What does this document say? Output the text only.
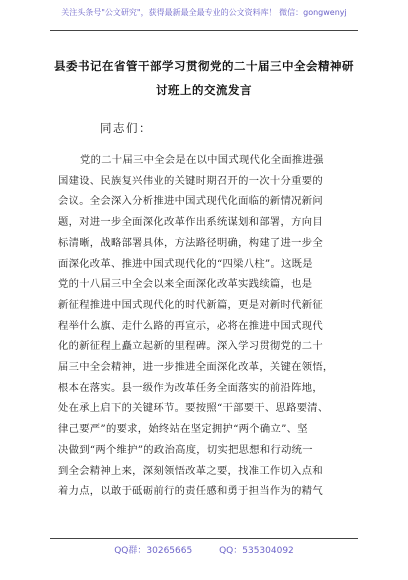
关注头条号"公文研究"，获得最新最全最专业的公文资料库！ 微信：gongwenyj
县委书记在省管干部学习贯彻党的二十届三中全会精神研
讨班上的交流发言
同志们：
党的二十届三中全会是在以中国式现代化全面推进强
国建设、民族复兴伟业的关键时期召开的一次十分重要的
会议。全会深入分析推进中国式现代化面临的新情况新问
题，对进一步全面深化改革作出系统谋划和部署，方向目
标清晰，战略部署具体，方法路径明确，构建了进一步全
面深化改革、推进中国式现代化的“四梁八柱”。这既是
党的十八届三中全会以来全面深化改革实践续篇，也是
新征程推进中国式现代化的时代新篇，更是对新时代新征
程举什么旗、走什么路的再宣示，必将在推进中国式现代
化的新征程上矗立起新的里程碑。深入学习贯彻党的二十
届三中全会精神，进一步推进全面深化改革，关键在领悟，
根本在落实。县一级作为改革任务全面落实的前沿阵地，
处在承上启下的关键环节。要按照“干部要干、思路要清、
律己要严”的要求，始终站在坚定拥护“两个确立”、坚
决做到“两个维护”的政治高度，切实把思想和行动统一
到全会精神上来，深刻领悟改革之要，找准工作切入点和
着力点，以敢于砥砺前行的责任感和勇于担当作为的精气
QQ群：30265665	QQ：535304092
